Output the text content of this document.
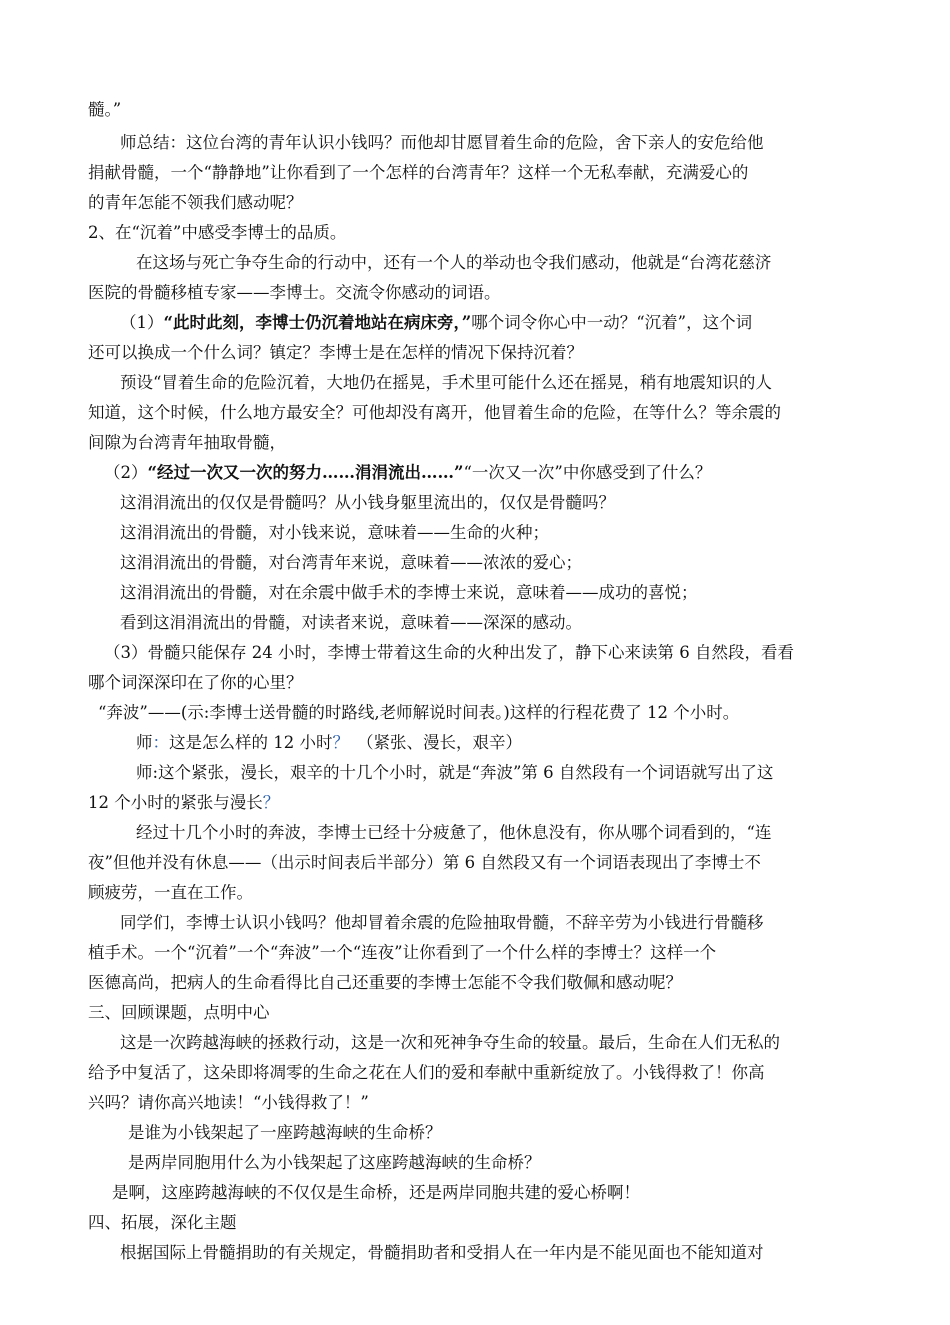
髓。”
师总结：这位台湾的青年认识小钱吗？而他却甘愿冒着生命的危险，舍下亲人的安危给他
捐献骨髓，一个“静静地”让你看到了一个怎样的台湾青年？这样一个无私奉献，充满爱心的
的青年怎能不领我们感动呢？
2、在“沉着”中感受李博士的品质。
在这场与死亡争夺生命的行动中，还有一个人的举动也令我们感动，他就是“台湾花慈济
医院的骨髓移植专家——李博士。交流令你感动的词语。
（1）“此时此刻，李博士仍沉着地站在病床旁，”哪个词令你心中一动？“沉着”，这个词
还可以换成一个什么词？镇定？李博士是在怎样的情况下保持沉着？
预设“冒着生命的危险沉着，大地仍在摇晃，手术里可能什么还在摇晃，稍有地震知识的人
知道，这个时候，什么地方最安全？可他却没有离开，他冒着生命的危险，在等什么？等余震的
间隙为台湾青年抽取骨髓，
（2）“经过一次又一次的努力……涓涓流出……”“一次又一次”中你感受到了什么？
这涓涓流出的仅仅是骨髓吗？从小钱身躯里流出的，仅仅是骨髓吗？
这涓涓流出的骨髓，对小钱来说，意味着——生命的火种；
这涓涓流出的骨髓，对台湾青年来说，意味着——浓浓的爱心；
这涓涓流出的骨髓，对在余震中做手术的李博士来说，意味着——成功的喜悦；
看到这涓涓流出的骨髓，对读者来说，意味着——深深的感动。
（3）骨髓只能保存 24 小时，李博士带着这生命的火种出发了，静下心来读第 6 自然段，看看
哪个词深深印在了你的心里？
“奔波”——(示:李博士送骨髓的时路线,老师解说时间表。)这样的行程花费了 12 个小时。
师：这是怎么样的 12 小时？ （紧张、漫长，艰辛）
师:这个紧张，漫长，艰辛的十几个小时，就是“奔波”第 6 自然段有一个词语就写出了这
12 个小时的紧张与漫长？
经过十几个小时的奔波，李博士已经十分疲惫了，他休息没有，你从哪个词看到的，“连
夜”但他并没有休息——（出示时间表后半部分）第 6 自然段又有一个词语表现出了李博士不
顾疲劳，一直在工作。
同学们，李博士认识小钱吗？他却冒着余震的危险抽取骨髓，不辞辛劳为小钱进行骨髓移
植手术。一个“沉着”一个“奔波”一个“连夜”让你看到了一个什么样的李博士？这样一个
医德高尚，把病人的生命看得比自己还重要的李博士怎能不令我们敬佩和感动呢？
三、回顾课题，点明中心
这是一次跨越海峡的拯救行动，这是一次和死神争夺生命的较量。最后，生命在人们无私的
给予中复活了，这朵即将凋零的生命之花在人们的爱和奉献中重新绽放了。小钱得救了！你高
兴吗？请你高兴地读！“小钱得救了！”
是谁为小钱架起了一座跨越海峡的生命桥？
是两岸同胞用什么为小钱架起了这座跨越海峡的生命桥？
是啊，这座跨越海峡的不仅仅是生命桥，还是两岸同胞共建的爱心桥啊！
四、拓展，深化主题
根据国际上骨髓捐助的有关规定，骨髓捐助者和受捐人在一年内是不能见面也不能知道对
